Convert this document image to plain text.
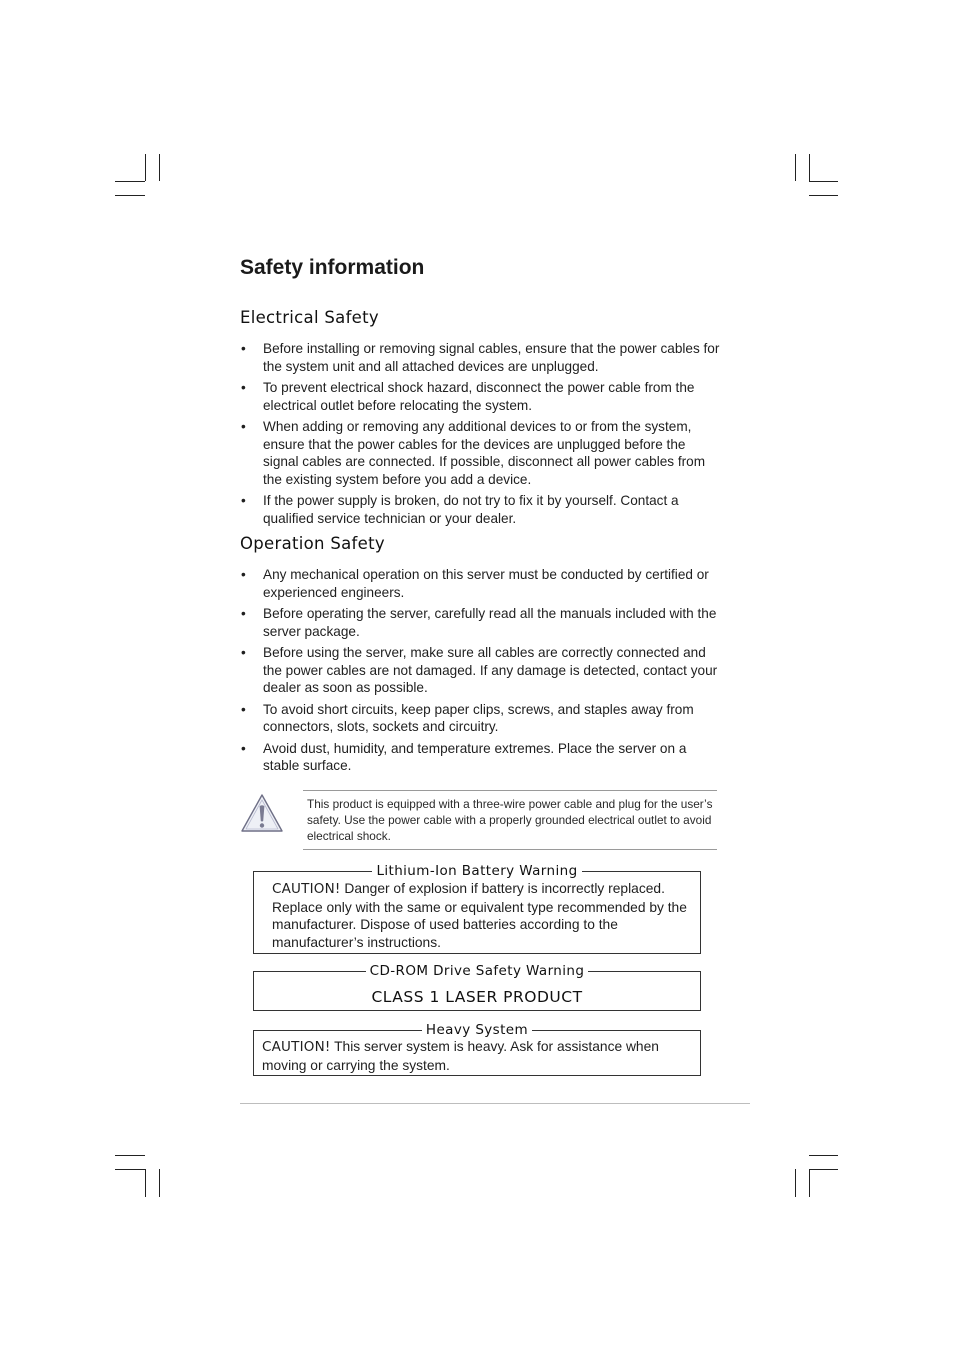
Safety information
Electrical Safety
• Before installing or removing signal cables, ensure that the power cables for the system unit and all attached devices are unplugged.
• To prevent electrical shock hazard, disconnect the power cable from the electrical outlet before relocating the system.
• When adding or removing any additional devices to or from the system, ensure that the power cables for the devices are unplugged before the signal cables are connected. If possible, disconnect all power cables from the existing system before you add a device.
• If the power supply is broken, do not try to fix it by yourself. Contact a qualified service technician or your dealer.
Operation Safety
• Any mechanical operation on this server must be conducted by certified or experienced engineers.
• Before operating the server, carefully read all the manuals included with the server package.
• Before using the server, make sure all cables are correctly connected and the power cables are not damaged. If any damage is detected, contact your dealer as soon as possible.
• To avoid short circuits, keep paper clips, screws, and staples away from connectors, slots, sockets and circuitry.
• Avoid dust, humidity, and temperature extremes. Place the server on a stable surface.
This product is equipped with a three-wire power cable and plug for the user’s safety. Use the power cable with a properly grounded electrical outlet to avoid electrical shock.
Lithium-Ion Battery Warning
CAUTION! Danger of explosion if battery is incorrectly replaced. Replace only with the same or equivalent type recommended by the manufacturer. Dispose of used batteries according to the manufacturer’s instructions.
CD-ROM Drive Safety Warning
CLASS 1 LASER PRODUCT
Heavy System
CAUTION! This server system is heavy. Ask for assistance when moving or carrying the system.
